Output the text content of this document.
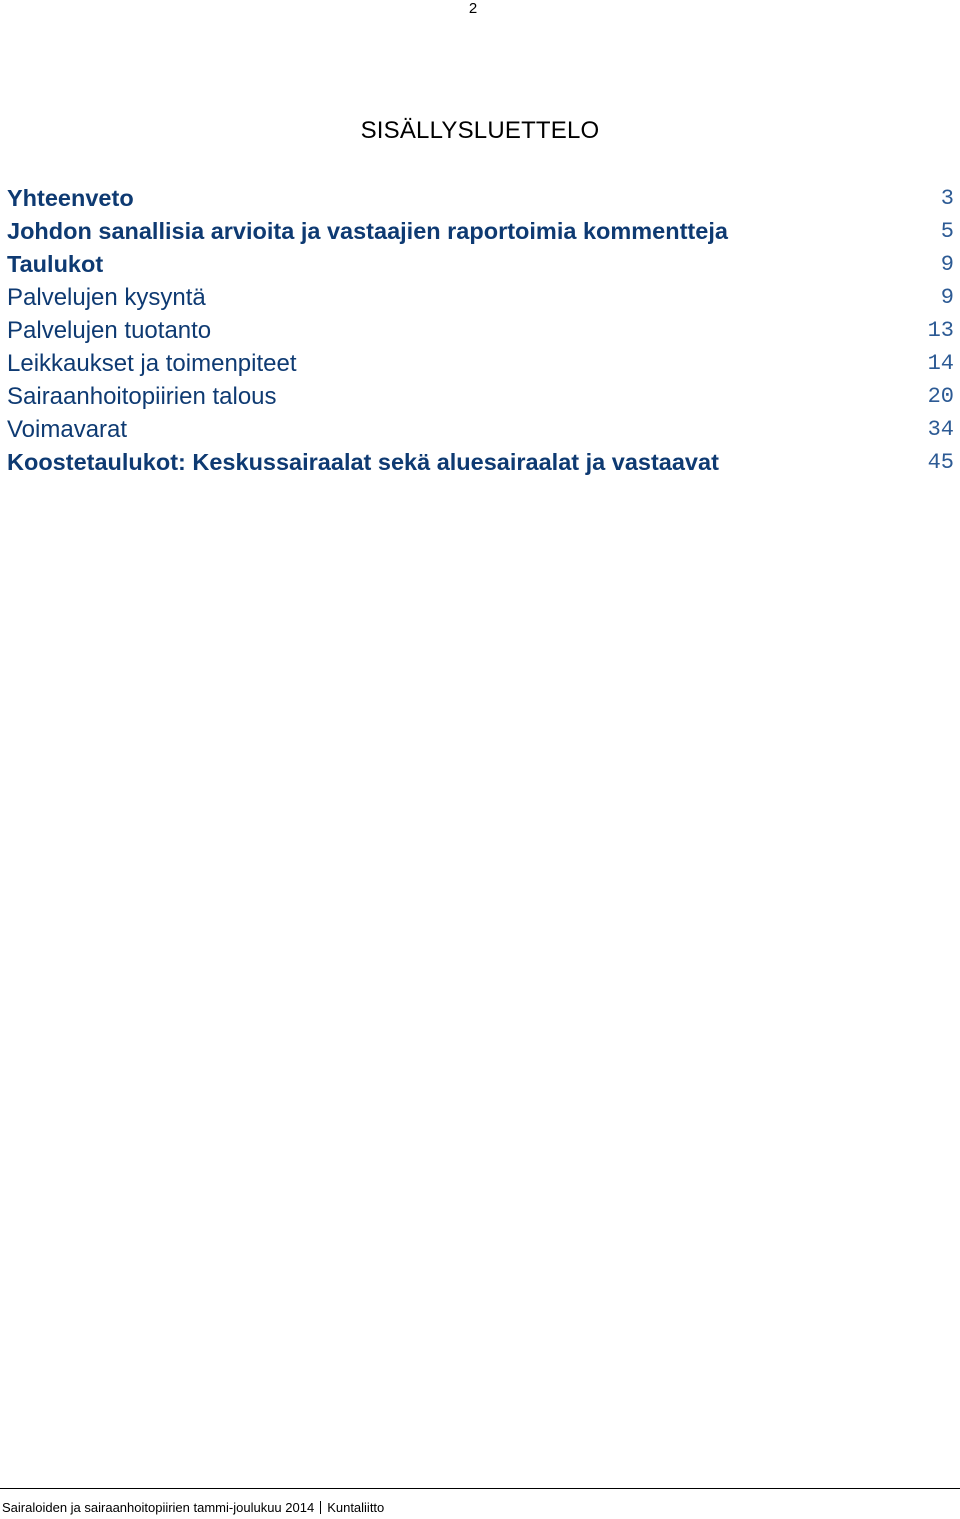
2
SISÄLLYSLUETTELO
Yhteenveto	3
Johdon sanallisia arvioita ja vastaajien raportoimia kommentteja	5
Taulukot	9
Palvelujen kysyntä	9
Palvelujen tuotanto	13
Leikkaukset ja toimenpiteet	14
Sairaanhoitopiirien talous	20
Voimavarat	34
Koostetaulukot: Keskussairaalat sekä aluesairaalat ja vastaavat	45
Sairaloiden ja sairaanhoitopiirien tammi-joulukuu 2014 Kuntaliitto
